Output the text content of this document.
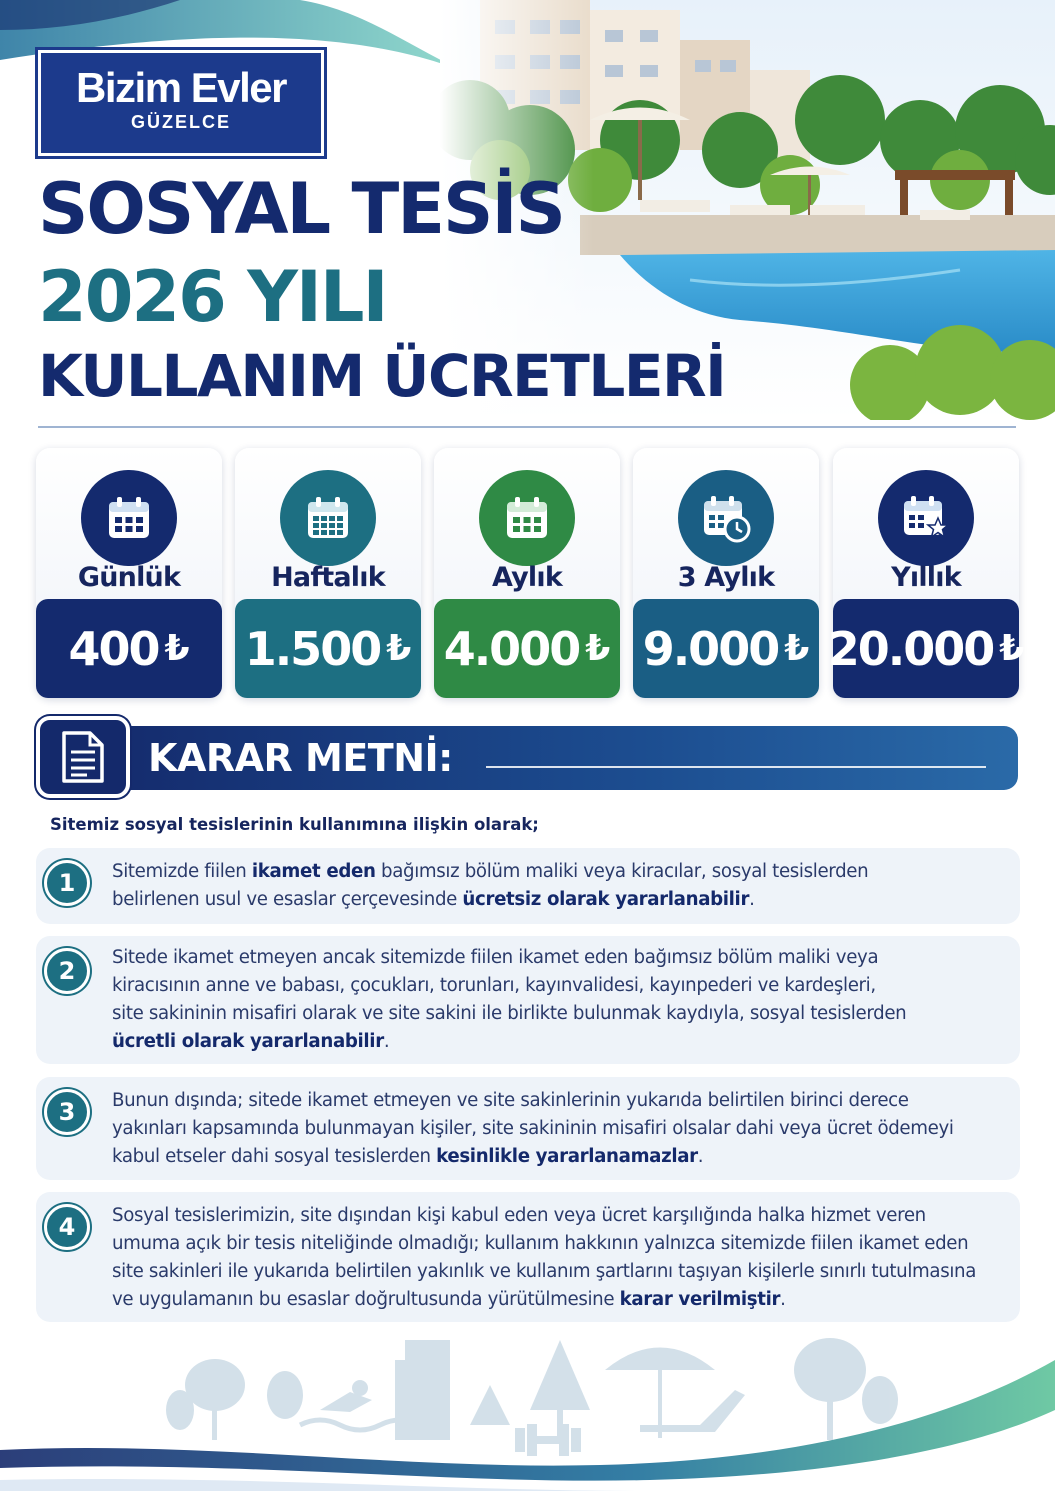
Bizim Evler
GÜZELCE
SOSYAL TESİS
2026 YILI
KULLANIM ÜCRETLERİ
Günlük
400 ₺
Haftalık
1.500 ₺
Aylık
4.000 ₺
3 Aylık
9.000 ₺
Yıllık
20.000 ₺
KARAR METNİ:
Sitemiz sosyal tesislerinin kullanımına ilişkin olarak;
1	Sitemizde fiilen ikamet eden bağımsız bölüm maliki veya kiracılar, sosyal tesislerden
belirlenen usul ve esaslar çerçevesinde ücretsiz olarak yararlanabilir.
2	Sitede ikamet etmeyen ancak sitemizde fiilen ikamet eden bağımsız bölüm maliki veya
kiracısının anne ve babası, çocukları, torunları, kayınvalidesi, kayınpederi ve kardeşleri,
site sakininin misafiri olarak ve site sakini ile birlikte bulunmak kaydıyla, sosyal tesislerden
ücretli olarak yararlanabilir.
3	Bunun dışında; sitede ikamet etmeyen ve site sakinlerinin yukarıda belirtilen birinci derece
yakınları kapsamında bulunmayan kişiler, site sakininin misafiri olsalar dahi veya ücret ödemeyi
kabul etseler dahi sosyal tesislerden kesinlikle yararlanamazlar.
4	Sosyal tesislerimizin, site dışından kişi kabul eden veya ücret karşılığında halka hizmet veren
umuma açık bir tesis niteliğinde olmadığı; kullanım hakkının yalnızca sitemizde fiilen ikamet eden
site sakinleri ile yukarıda belirtilen yakınlık ve kullanım şartlarını taşıyan kişilerle sınırlı tutulmasına
ve uygulamanın bu esaslar doğrultusunda yürütülmesine karar verilmiştir.
